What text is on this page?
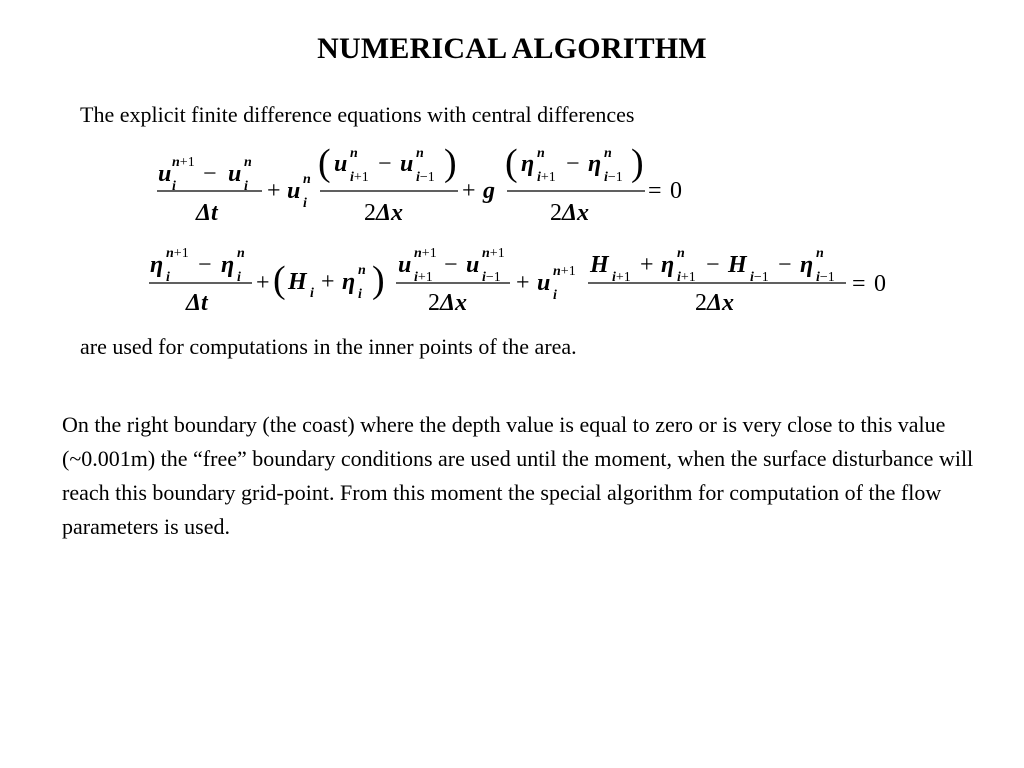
NUMERICAL ALGORITHM
The explicit finite difference equations with central differences
u i
n+1 − u i
n
Δt
+ u i
n ( u
i+1
n − u
i−1
n )
2Δx
+ g
( η
i+1
n − η
i−1
n )
2Δx
= 0
η i
n+1 − η i
n
Δt
+ ( H i + η i
n ) u i+1
n+1 − u i−1
n+1
2Δx
+ u i
n+1 H i+1 + η i+1
n − H i−1 − η i−1
n
2Δx
= 0
are used for computations in the inner points of the area.
On the right boundary (the coast) where the depth value is equal to zero or is very close to this value (~0.001m) the “free” boundary conditions are used until the moment, when the surface disturbance will reach this boundary grid-point. From this moment the special algorithm for computation of the flow parameters is used.
